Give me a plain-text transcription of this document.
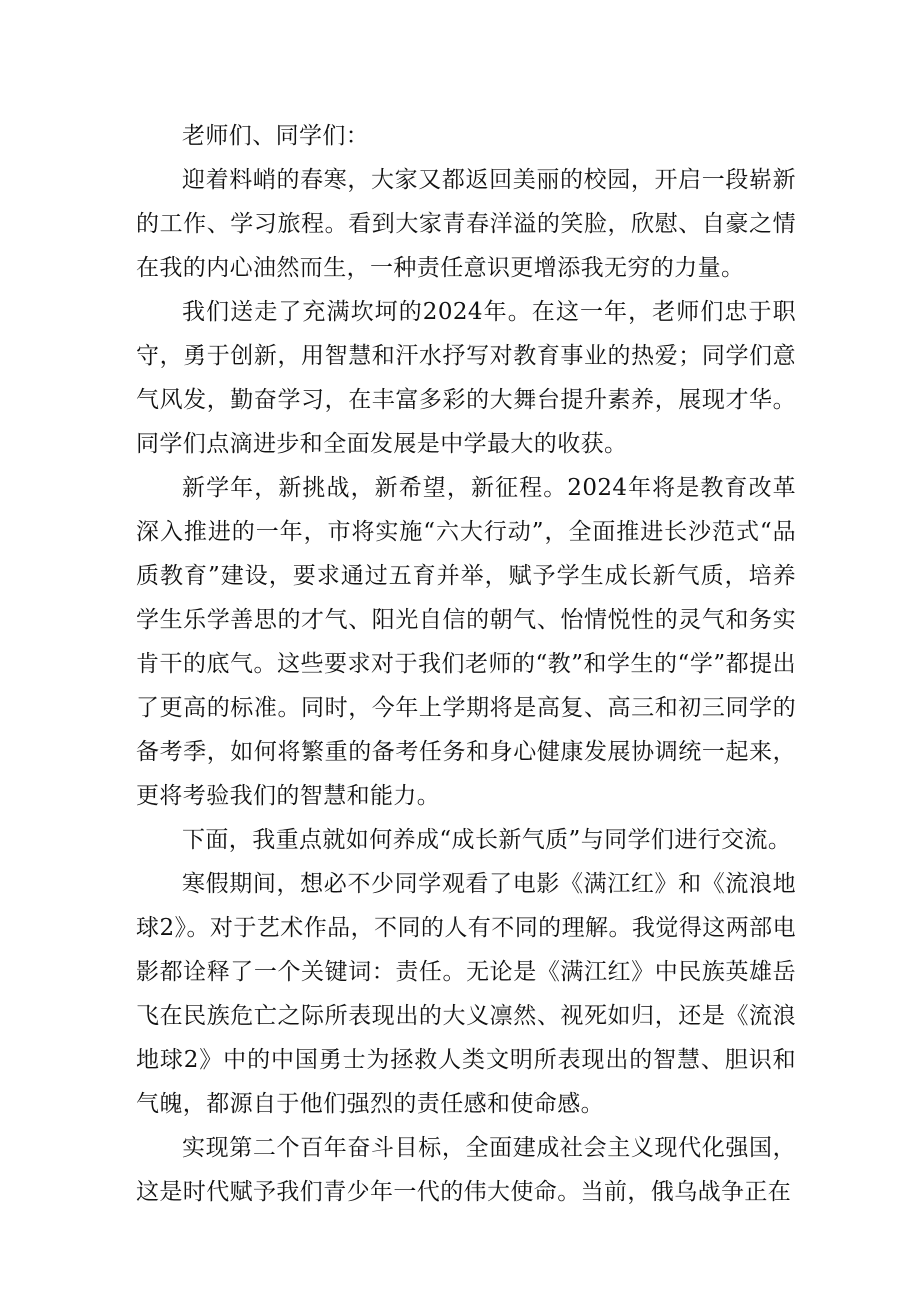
老师们、同学们：

迎着料峭的春寒，大家又都返回美丽的校园，开启一段崭新的工作、学习旅程。看到大家青春洋溢的笑脸，欣慰、自豪之情在我的内心油然而生，一种责任意识更增添我无穷的力量。

我们送走了充满坎坷的2024年。在这一年，老师们忠于职守，勇于创新，用智慧和汗水抒写对教育事业的热爱；同学们意气风发，勤奋学习，在丰富多彩的大舞台提升素养，展现才华。同学们点滴进步和全面发展是中学最大的收获。

新学年，新挑战，新希望，新征程。2024年将是教育改革深入推进的一年，市将实施“六大行动”，全面推进长沙范式“品质教育”建设，要求通过五育并举，赋予学生成长新气质，培养学生乐学善思的才气、阳光自信的朝气、怡情悦性的灵气和务实肯干的底气。这些要求对于我们老师的“教”和学生的“学”都提出了更高的标准。同时，今年上学期将是高复、高三和初三同学的备考季，如何将繁重的备考任务和身心健康发展协调统一起来，更将考验我们的智慧和能力。

下面，我重点就如何养成“成长新气质”与同学们进行交流。

寒假期间，想必不少同学观看了电影《满江红》和《流浪地球2》。对于艺术作品，不同的人有不同的理解。我觉得这两部电影都诠释了一个关键词：责任。无论是《满江红》中民族英雄岳飞在民族危亡之际所表现出的大义凛然、视死如归，还是《流浪地球2》中的中国勇士为拯救人类文明所表现出的智慧、胆识和气魄，都源自于他们强烈的责任感和使命感。

实现第二个百年奋斗目标，全面建成社会主义现代化强国，这是时代赋予我们青少年一代的伟大使命。当前，俄乌战争正在
